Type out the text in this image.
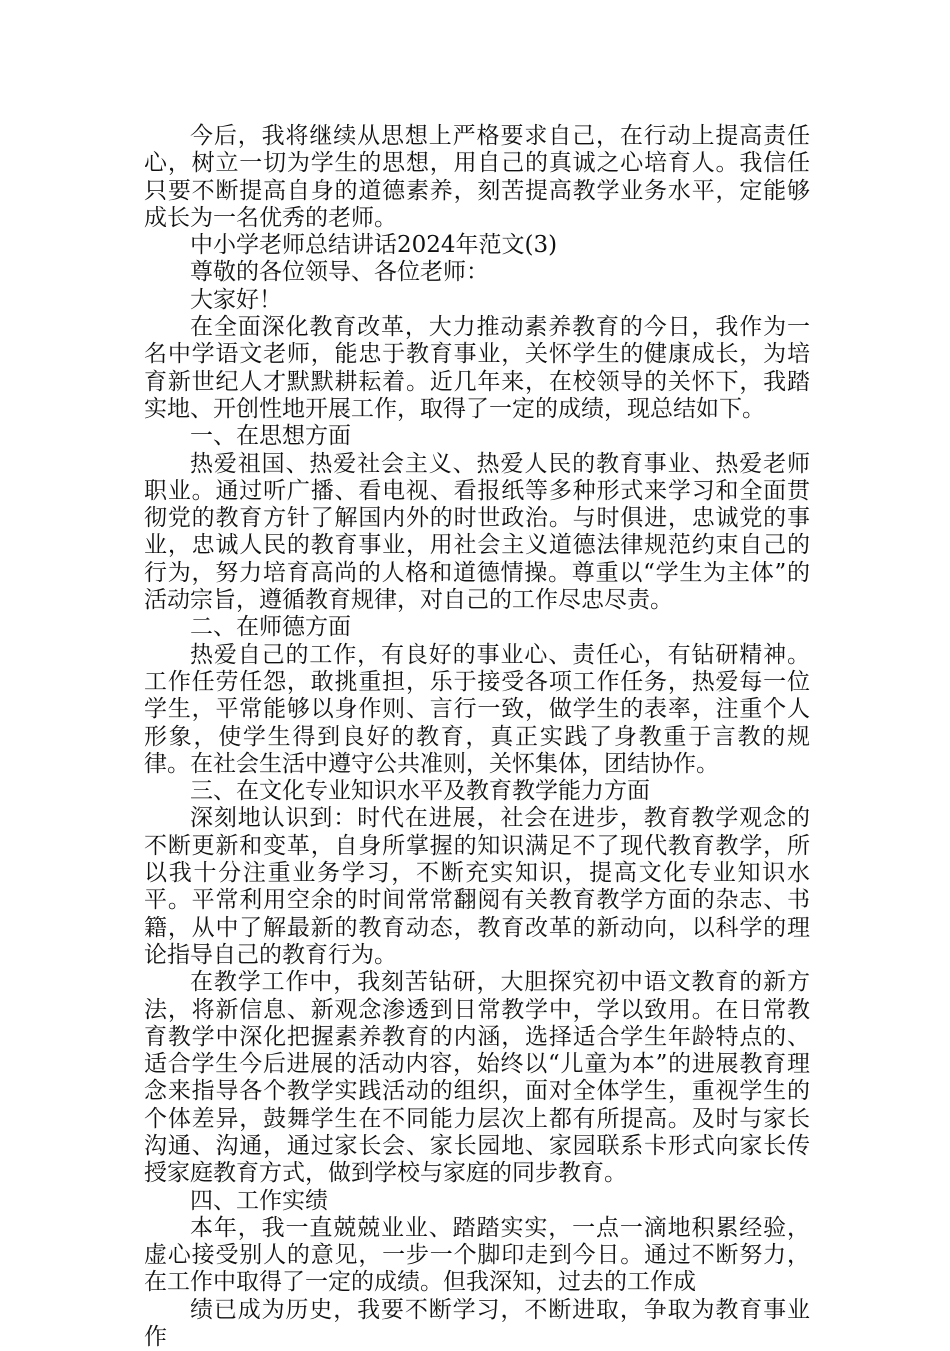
今后，我将继续从思想上严格要求自己，在行动上提高责任心，树立一切为学生的思想，用自己的真诚之心培育人。我信任只要不断提高自身的道德素养，刻苦提高教学业务水平，定能够成长为一名优秀的老师。

中小学老师总结讲话2024年范文(3)

尊敬的各位领导、各位老师：

大家好！

在全面深化教育改革，大力推动素养教育的今日，我作为一名中学语文老师，能忠于教育事业，关怀学生的健康成长，为培育新世纪人才默默耕耘着。近几年来，在校领导的关怀下，我踏实地、开创性地开展工作，取得了一定的成绩，现总结如下。

一、在思想方面

热爱祖国、热爱社会主义、热爱人民的教育事业、热爱老师职业。通过听广播、看电视、看报纸等多种形式来学习和全面贯彻党的教育方针了解国内外的时世政治。与时俱进，忠诚党的事业，忠诚人民的教育事业，用社会主义道德法律规范约束自己的行为，努力培育高尚的人格和道德情操。尊重以“学生为主体”的活动宗旨，遵循教育规律，对自己的工作尽忠尽责。

二、在师德方面

热爱自己的工作，有良好的事业心、责任心，有钻研精神。工作任劳任怨，敢挑重担，乐于接受各项工作任务，热爱每一位学生，平常能够以身作则、言行一致，做学生的表率，注重个人形象，使学生得到良好的教育，真正实践了身教重于言教的规律。在社会生活中遵守公共准则，关怀集体，团结协作。

三、在文化专业知识水平及教育教学能力方面

深刻地认识到：时代在进展，社会在进步，教育教学观念的不断更新和变革，自身所掌握的知识满足不了现代教育教学，所以我十分注重业务学习，不断充实知识，提高文化专业知识水平。平常利用空余的时间常常翻阅有关教育教学方面的杂志、书籍，从中了解最新的教育动态，教育改革的新动向，以科学的理论指导自己的教育行为。

在教学工作中，我刻苦钻研，大胆探究初中语文教育的新方法，将新信息、新观念渗透到日常教学中，学以致用。在日常教育教学中深化把握素养教育的内涵，选择适合学生年龄特点的、适合学生今后进展的活动内容，始终以“儿童为本”的进展教育理念来指导各个教学实践活动的组织，面对全体学生，重视学生的个体差异，鼓舞学生在不同能力层次上都有所提高。及时与家长沟通、沟通，通过家长会、家长园地、家园联系卡形式向家长传授家庭教育方式，做到学校与家庭的同步教育。

四、工作实绩

本年，我一直兢兢业业、踏踏实实，一点一滴地积累经验，虚心接受别人的意见，一步一个脚印走到今日。通过不断努力，在工作中取得了一定的成绩。但我深知，过去的工作成

绩已成为历史，我要不断学习，不断进取，争取为教育事业作
